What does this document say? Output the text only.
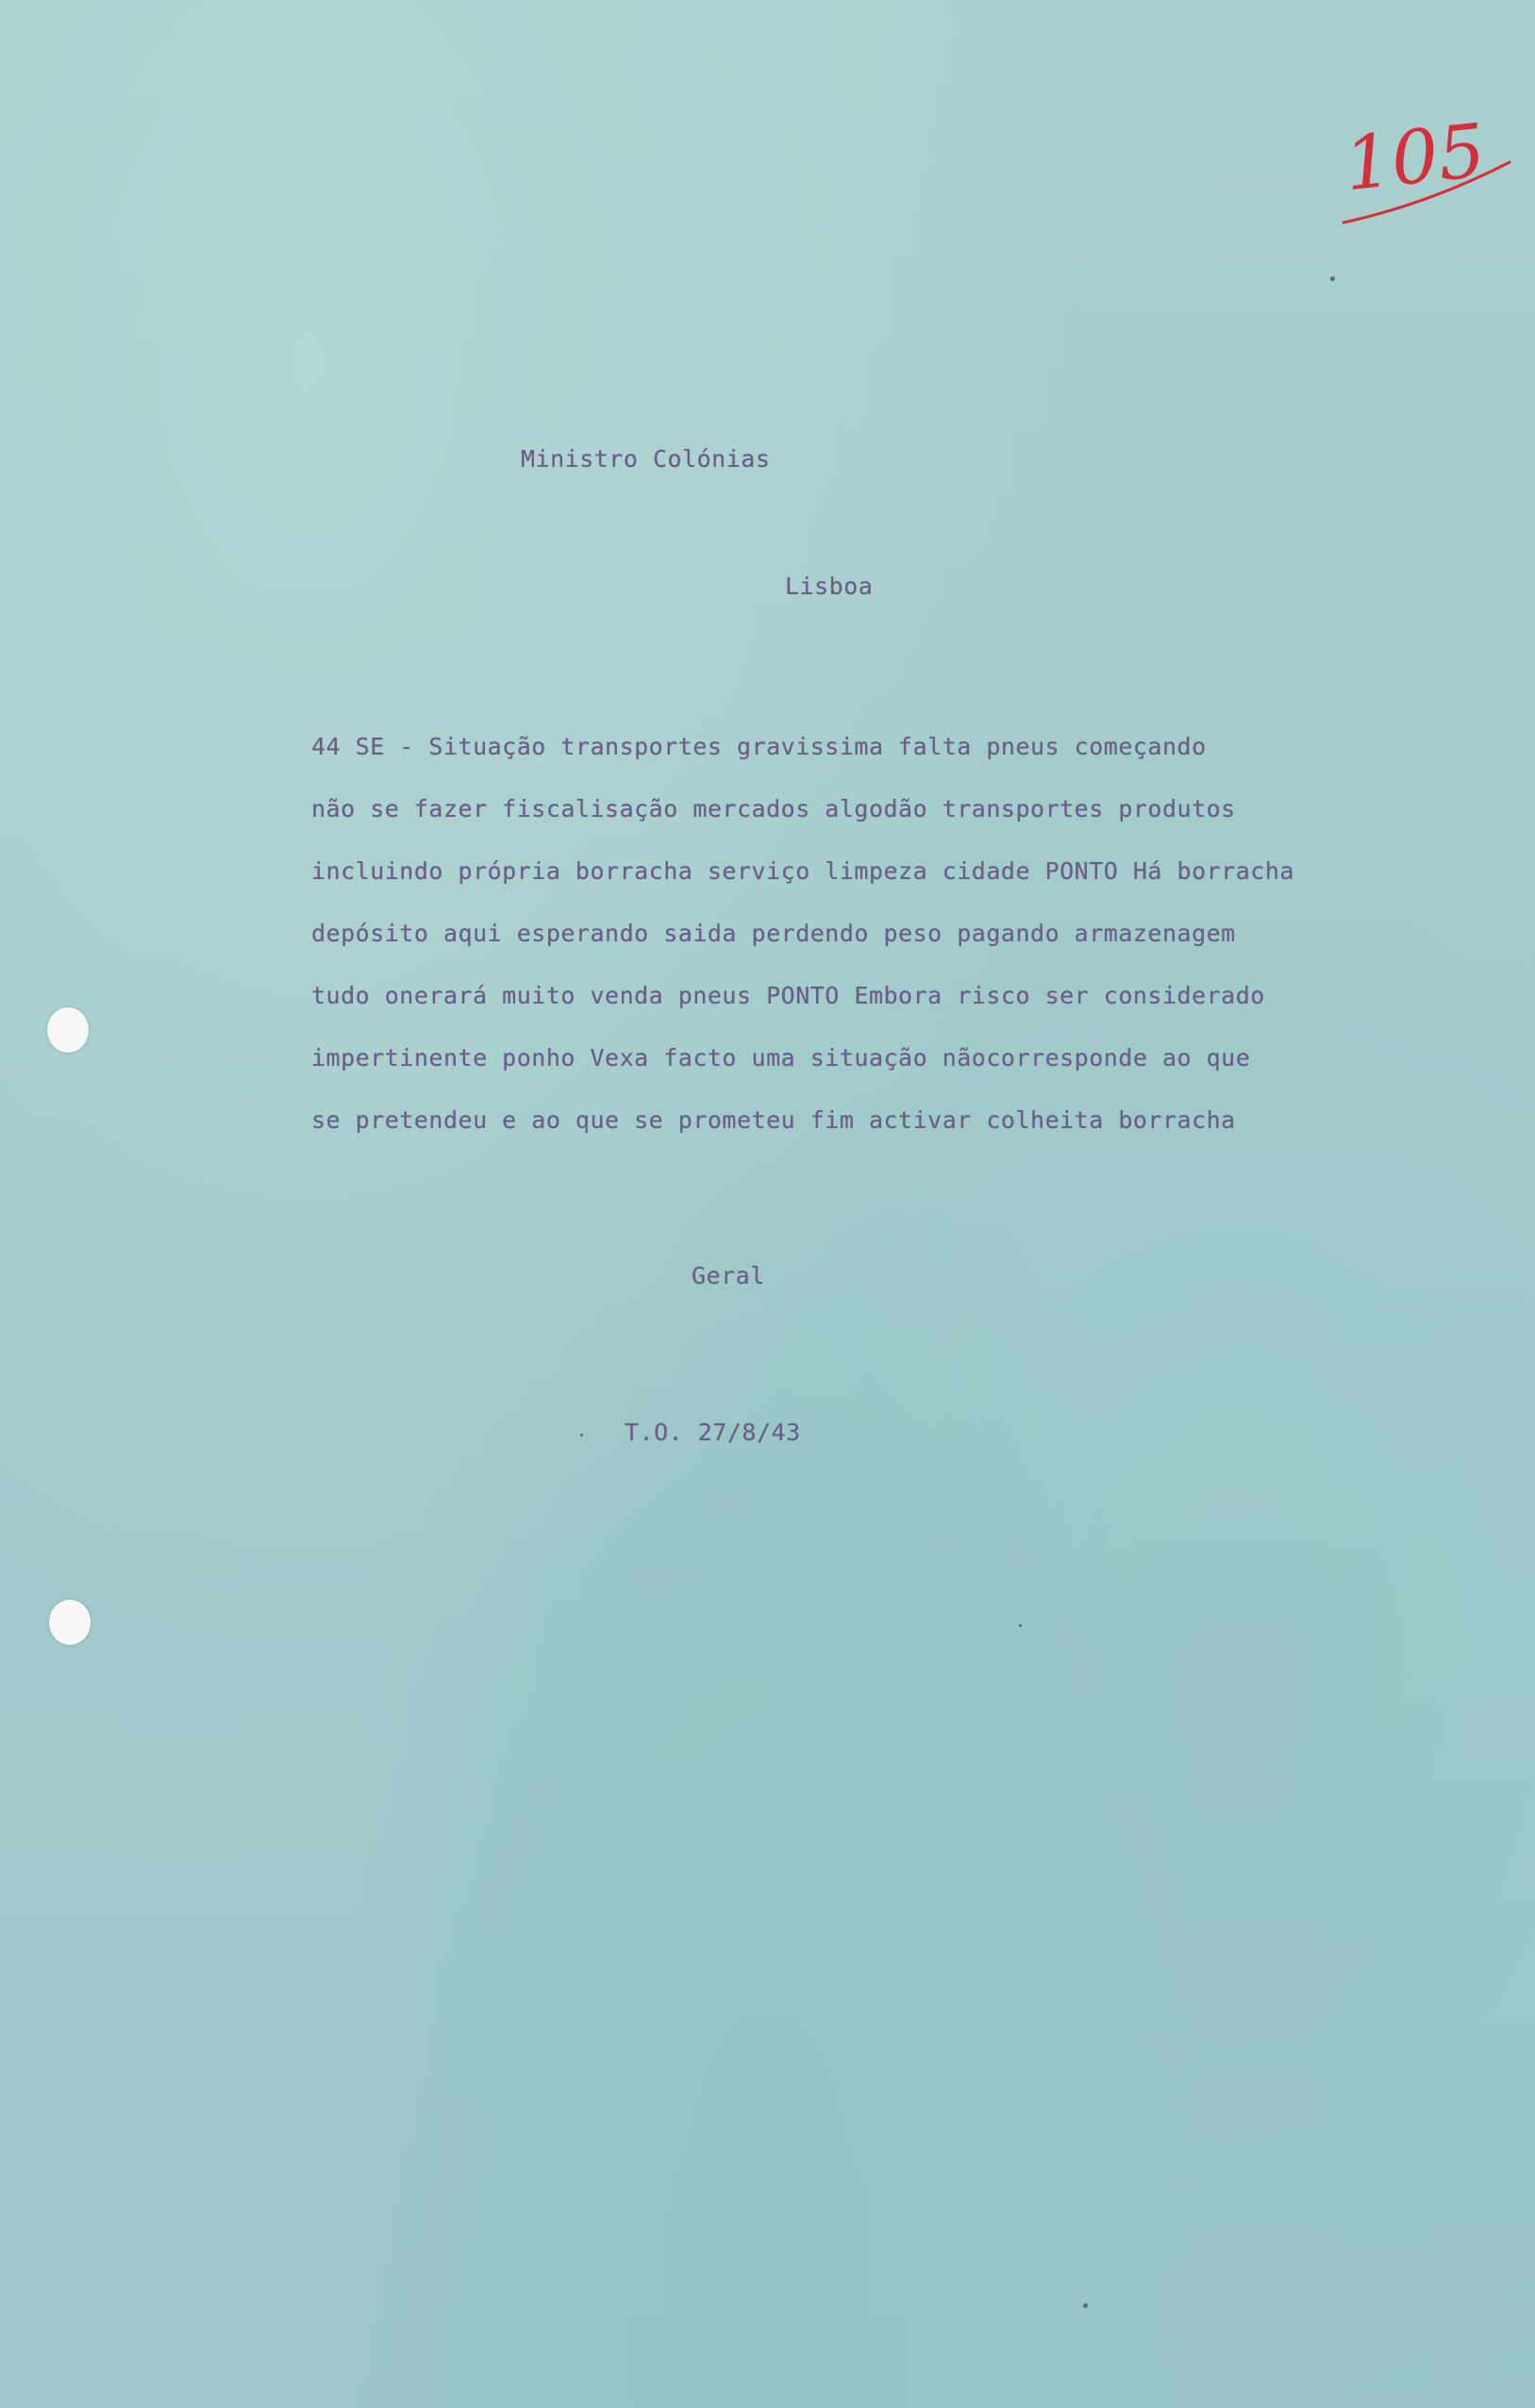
105
Ministro Colónias
Lisboa
44 SE - Situação transportes gravissima falta pneus começando
não se fazer fiscalisação mercados algodão transportes produtos
incluindo própria borracha serviço limpeza cidade PONTO Há borracha
depósito aqui esperando saida perdendo peso pagando armazenagem
tudo onerará muito venda pneus PONTO Embora risco ser considerado
impertinente ponho Vexa facto uma situação nãocorresponde ao que
se pretendeu e ao que se prometeu fim activar colheita borracha
Geral
T.O. 27/8/43
